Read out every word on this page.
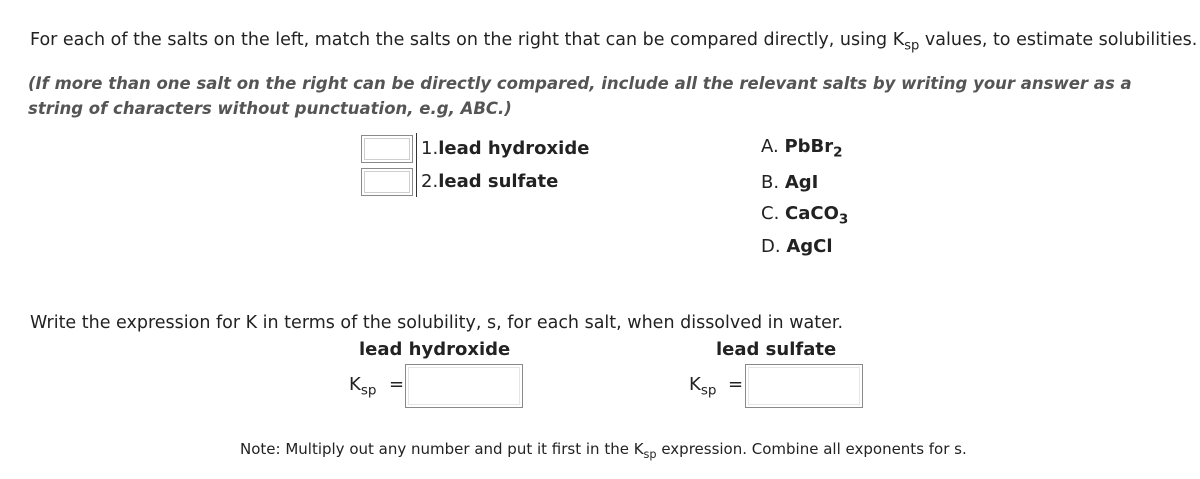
For each of the salts on the left, match the salts on the right that can be compared directly, using $K_{sp}$ values, to estimate solubilities.
(If more than one salt on the right can be directly compared, include all the relevant salts by writing your answer as a string of characters without punctuation, e.g, ABC.)
1.lead hydroxide
2.lead sulfate
A. PbBr$_2$
B. AgI
C. CaCO$_3$
D. AgCl
Write the expression for K in terms of the solubility, s, for each salt, when dissolved in water.
lead hydroxide	lead sulfate
$K_{sp}$ =	$K_{sp}$ =
Note: Multiply out any number and put it first in the $K_{sp}$ expression. Combine all exponents for s.
